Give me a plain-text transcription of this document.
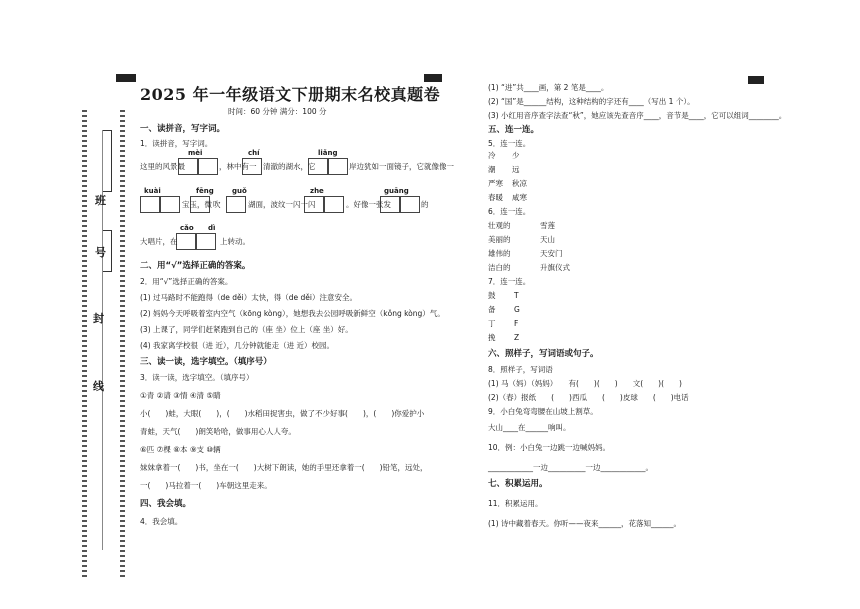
班
号
封
线
2025 年一年级语文下册期末名校真题卷
时间：60 分钟 满分：100 分
一、读拼音，写字词。
1．读拼音，写字词。
mèi	chí	liǎng
这里的风景最	，林中有一 清澈的湖水，它	岸边犹如一面镜子，它就像像一
kuài	fēng	guǒ	zhe	guāng
宝玉，微 吹	湖面，波纹一闪一闪	。好像一张发	的
cǎo dì
大唱片，在	上转动。
二、用“√”选择正确的答案。
2．用“√”选择正确的答案。
(1) 过马路时不能跑得（de děi）太快，得（de děi）注意安全。
(2) 妈妈今天呼吸着室内空气（kōng kòng），她想我去公园呼吸新鲜空（kǒng kòng）气。
(3) 上课了，同学们赶紧跑到自己的（座 坐）位上（座 坐）好。
(4) 我家离学校很（进 近），几分钟就能走（进 近）校园。
三、读一读，选字填空。（填序号）
3．读一读，选字填空。（填序号）
①青 ②请 ③情 ④清 ⑤睛
小(　　)蛙，大眼(　　)，(　　)水稻田捉害虫，做了不少好事(　　)，(　　)你爱护小
青蛙，天气(　　)朗笑哈哈，做事用心人人夸。
⑥匹 ⑦棵 ⑧本 ⑨支 ⑩辆
妹妹拿着一(　　)书，坐在一(　　)大树下朗读，她的手里还拿着一(　　)铅笔，远处，
一(　　)马拉着一(　　)车朝这里走来。
四、我会填。
4．我会填。
(1) “进”共____画，第 2 笔是____。
(2) “国”是______结构，这种结构的字还有____（写出 1 个）。
(3) 小红用音序查字法查“秋”，她应该先查音序____，音节是____，它可以组词________。
五、连一连。
5．连一连。
冷
潮
严寒
春暖
少
远
秋凉
咸寒
6．连一连。
壮观的
美丽的
雄伟的
洁白的
雪莲
天山
天安门
升旗仪式
7．连一连。
鼓
备
丁
挽
T
G
F
Z
六、照样子，写词语或句子。
8．照样子，写词语
(1) 马（妈）（妈妈）　　有(　　)(　　)　　文(　　)(　　)
(2)（春）报纸　　(　　)西瓜　　(　　)皮球　　(　　)电话
9．小白兔弯弯腰在山坡上割草。
大山____在______响叫。
10．例：小白兔一边跳一边喊妈妈。
____________一边__________一边____________。
七、积累运用。
11．积累运用。
(1) 诗中藏着春天。你听——夜来______，花落知______。
